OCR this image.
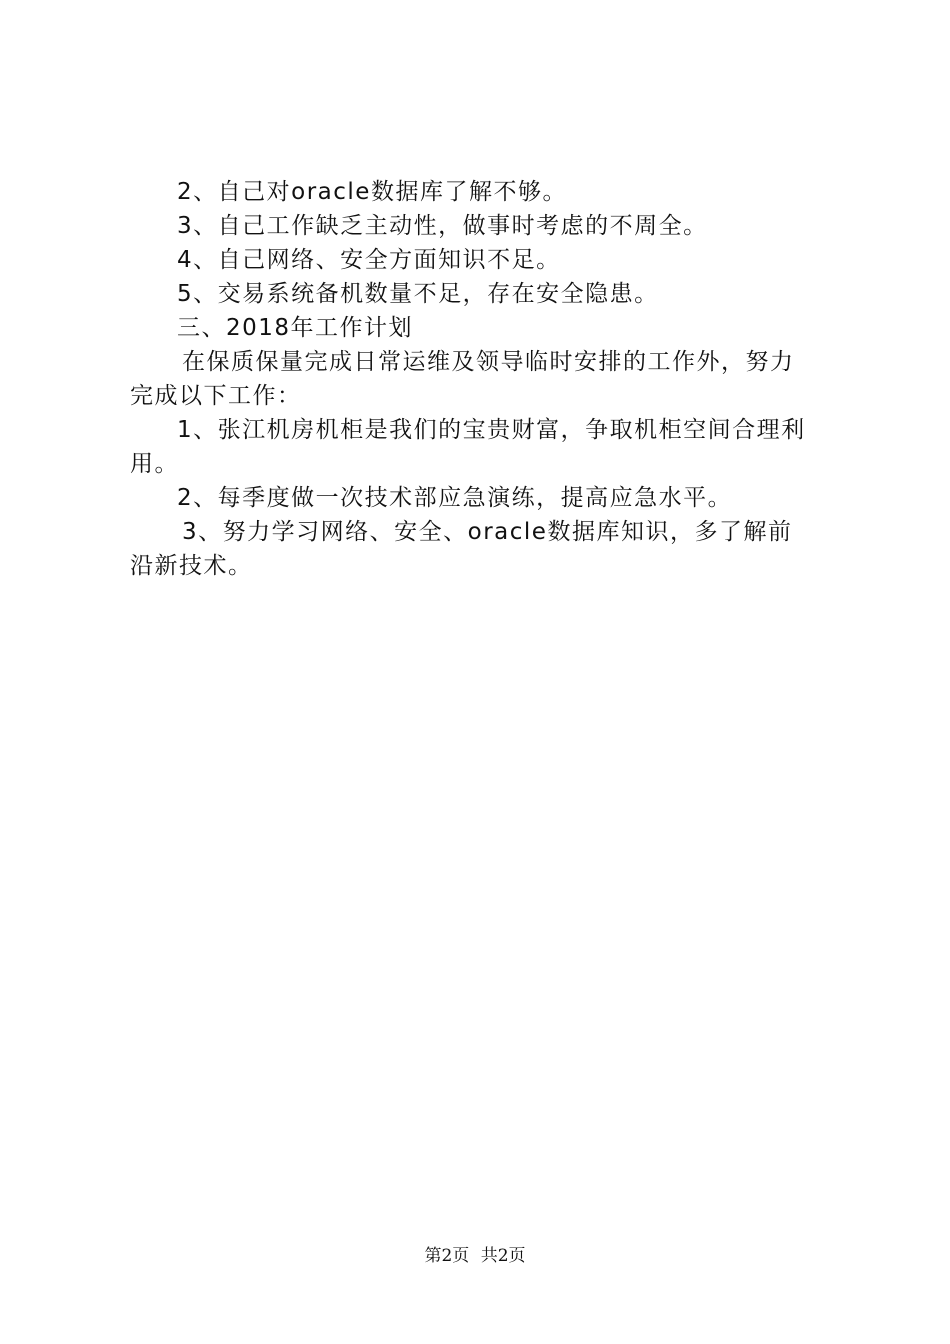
2、自己对oracle数据库了解不够。
3、自己工作缺乏主动性，做事时考虑的不周全。
4、自己网络、安全方面知识不足。
5、交易系统备机数量不足，存在安全隐患。
三、2018年工作计划
在保质保量完成日常运维及领导临时安排的工作外，努力
完成以下工作：
1、张江机房机柜是我们的宝贵财富，争取机柜空间合理利
用。
2、每季度做一次技术部应急演练，提高应急水平。
3、努力学习网络、安全、oracle数据库知识，多了解前
沿新技术。
第2页 共2页
